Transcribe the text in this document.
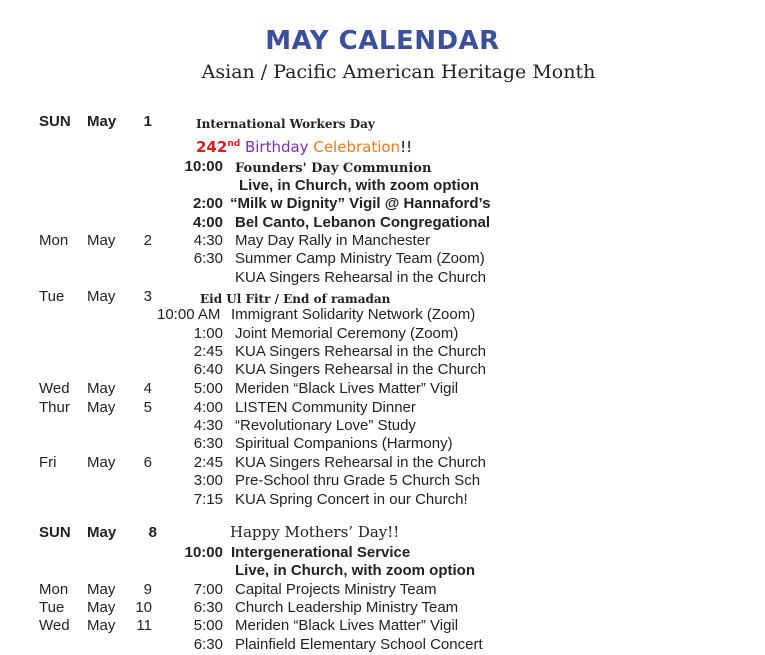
MAY CALENDAR
Asian / Pacific American Heritage Month
SUN May	1	International Workers Day
242nd Birthday Celebration!!
10:00 Founders' Day Communion
Live, in Church, with zoom option
2:00 “Milk w Dignity” Vigil @ Hannaford’s
4:00 Bel Canto, Lebanon Congregational
Mon May	2	4:30 May Day Rally in Manchester
6:30 Summer Camp Ministry Team (Zoom)
KUA Singers Rehearsal in the Church
Tue May	3	Eid Ul Fitr / End of ramadan
10:00 AM Immigrant Solidarity Network (Zoom)
1:00 Joint Memorial Ceremony (Zoom)
2:45 KUA Singers Rehearsal in the Church
6:40 KUA Singers Rehearsal in the Church
Wed May	4	5:00 Meriden “Black Lives Matter” Vigil
Thur May	5	4:00 LISTEN Community Dinner
4:30 “Revolutionary Love” Study
6:30 Spiritual Companions (Harmony)
Fri May	6	2:45 KUA Singers Rehearsal in the Church
3:00 Pre-School thru Grade 5 Church Sch
7:15 KUA Spring Concert in our Church!
SUN May	8	Happy Mothers’ Day!!
10:00 Intergenerational Service
Live, in Church, with zoom option
Mon May	9	7:00 Capital Projects Ministry Team
Tue May	10	6:30 Church Leadership Ministry Team
Wed May	11	5:00 Meriden “Black Lives Matter” Vigil
6:30 Plainfield Elementary School Concert
